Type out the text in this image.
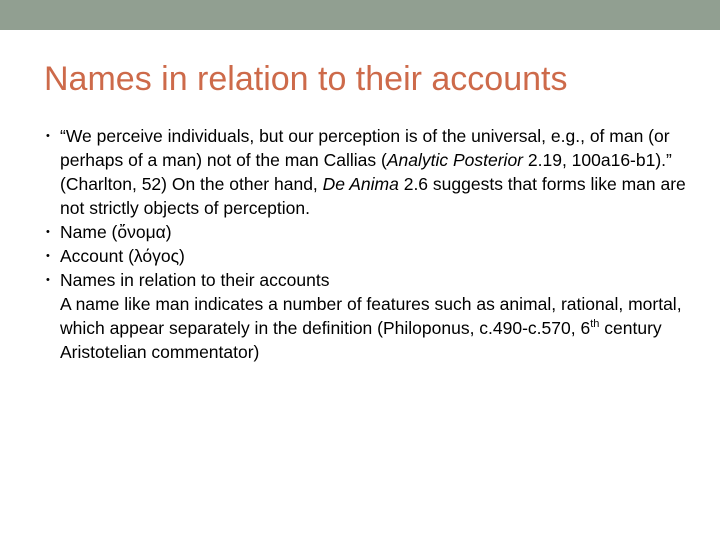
Names in relation to their accounts
• “We perceive individuals, but our perception is of the universal, e.g., of man (or perhaps of a man) not of the man Callias (Analytic Posterior 2.19, 100a16-b1).” (Charlton, 52) On the other hand, De Anima 2.6 suggests that forms like man are not strictly objects of perception.
• Name (ὄνομα)
• Account (λόγος)
• Names in relation to their accounts
A name like man indicates a number of features such as animal, rational, mortal, which appear separately in the definition (Philoponus, c.490-c.570, 6th century Aristotelian commentator)
